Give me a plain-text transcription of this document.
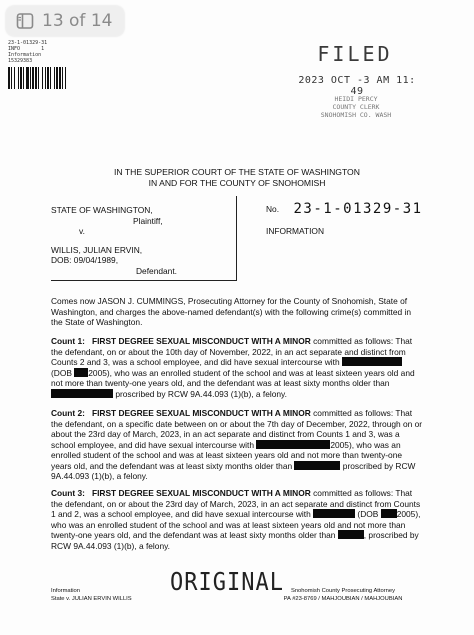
13 of 14
23-1-01329-31
INFO       1
Information
15329383	FILED
2023 OCT -3 AM 11: 49
HEIDI PERCY
COUNTY CLERK
SNOHOMISH CO. WASH
IN THE SUPERIOR COURT OF THE STATE OF WASHINGTON
IN AND FOR THE COUNTY OF SNOHOMISH
STATE OF WASHINGTON,
Plaintiff,
v.
WILLIS, JULIAN ERVIN,
DOB: 09/04/1989,
Defendant.
No. 23-1-01329-31
INFORMATION
Comes now JASON J. CUMMINGS, Prosecuting Attorney for the County of Snohomish, State of Washington, and charges the above-named defendant(s) with the following crime(s) committed in the State of Washington.
Count 1: FIRST DEGREE SEXUAL MISCONDUCT WITH A MINOR committed as follows: That the defendant, on or about the 10th day of November, 2022, in an act separate and distinct from Counts 2 and 3, was a school employee, and did have sexual intercourse with  (DOB 2005), who was an enrolled student of the school and was at least sixteen years old and not more than twenty-one years old, and the defendant was at least sixty months older than  proscribed by RCW 9A.44.093 (1)(b), a felony.
Count 2: FIRST DEGREE SEXUAL MISCONDUCT WITH A MINOR committed as follows: That the defendant, on a specific date between on or about the 7th day of December, 2022, through on or about the 23rd day of March, 2023, in an act separate and distinct from Counts 1 and 3, was a school employee, and did have sexual intercourse with	2005), who was an enrolled student of the school and was at least sixteen years old and not more than twenty-one years old, and the defendant was at least sixty months older than	proscribed by RCW 9A.44.093 (1)(b), a felony.
Count 3: FIRST DEGREE SEXUAL MISCONDUCT WITH A MINOR committed as follows: That the defendant, on or about the 23rd day of March, 2023, in an act separate and distinct from Counts 1 and 2, was a school employee, and did have sexual intercourse with	(DOB 2005), who was an enrolled student of the school and was at least sixteen years old and not more than twenty-one years old, and the defendant was at least sixty months older than	, proscribed by RCW 9A.44.093 (1)(b), a felony.
Information
State v. JULIAN ERVIN WILLIS
ORIGINAL	Snohomish County Prosecuting Attorney
PA #23-8769 / MAHJOUBIAN / MAHJOUBIAN
